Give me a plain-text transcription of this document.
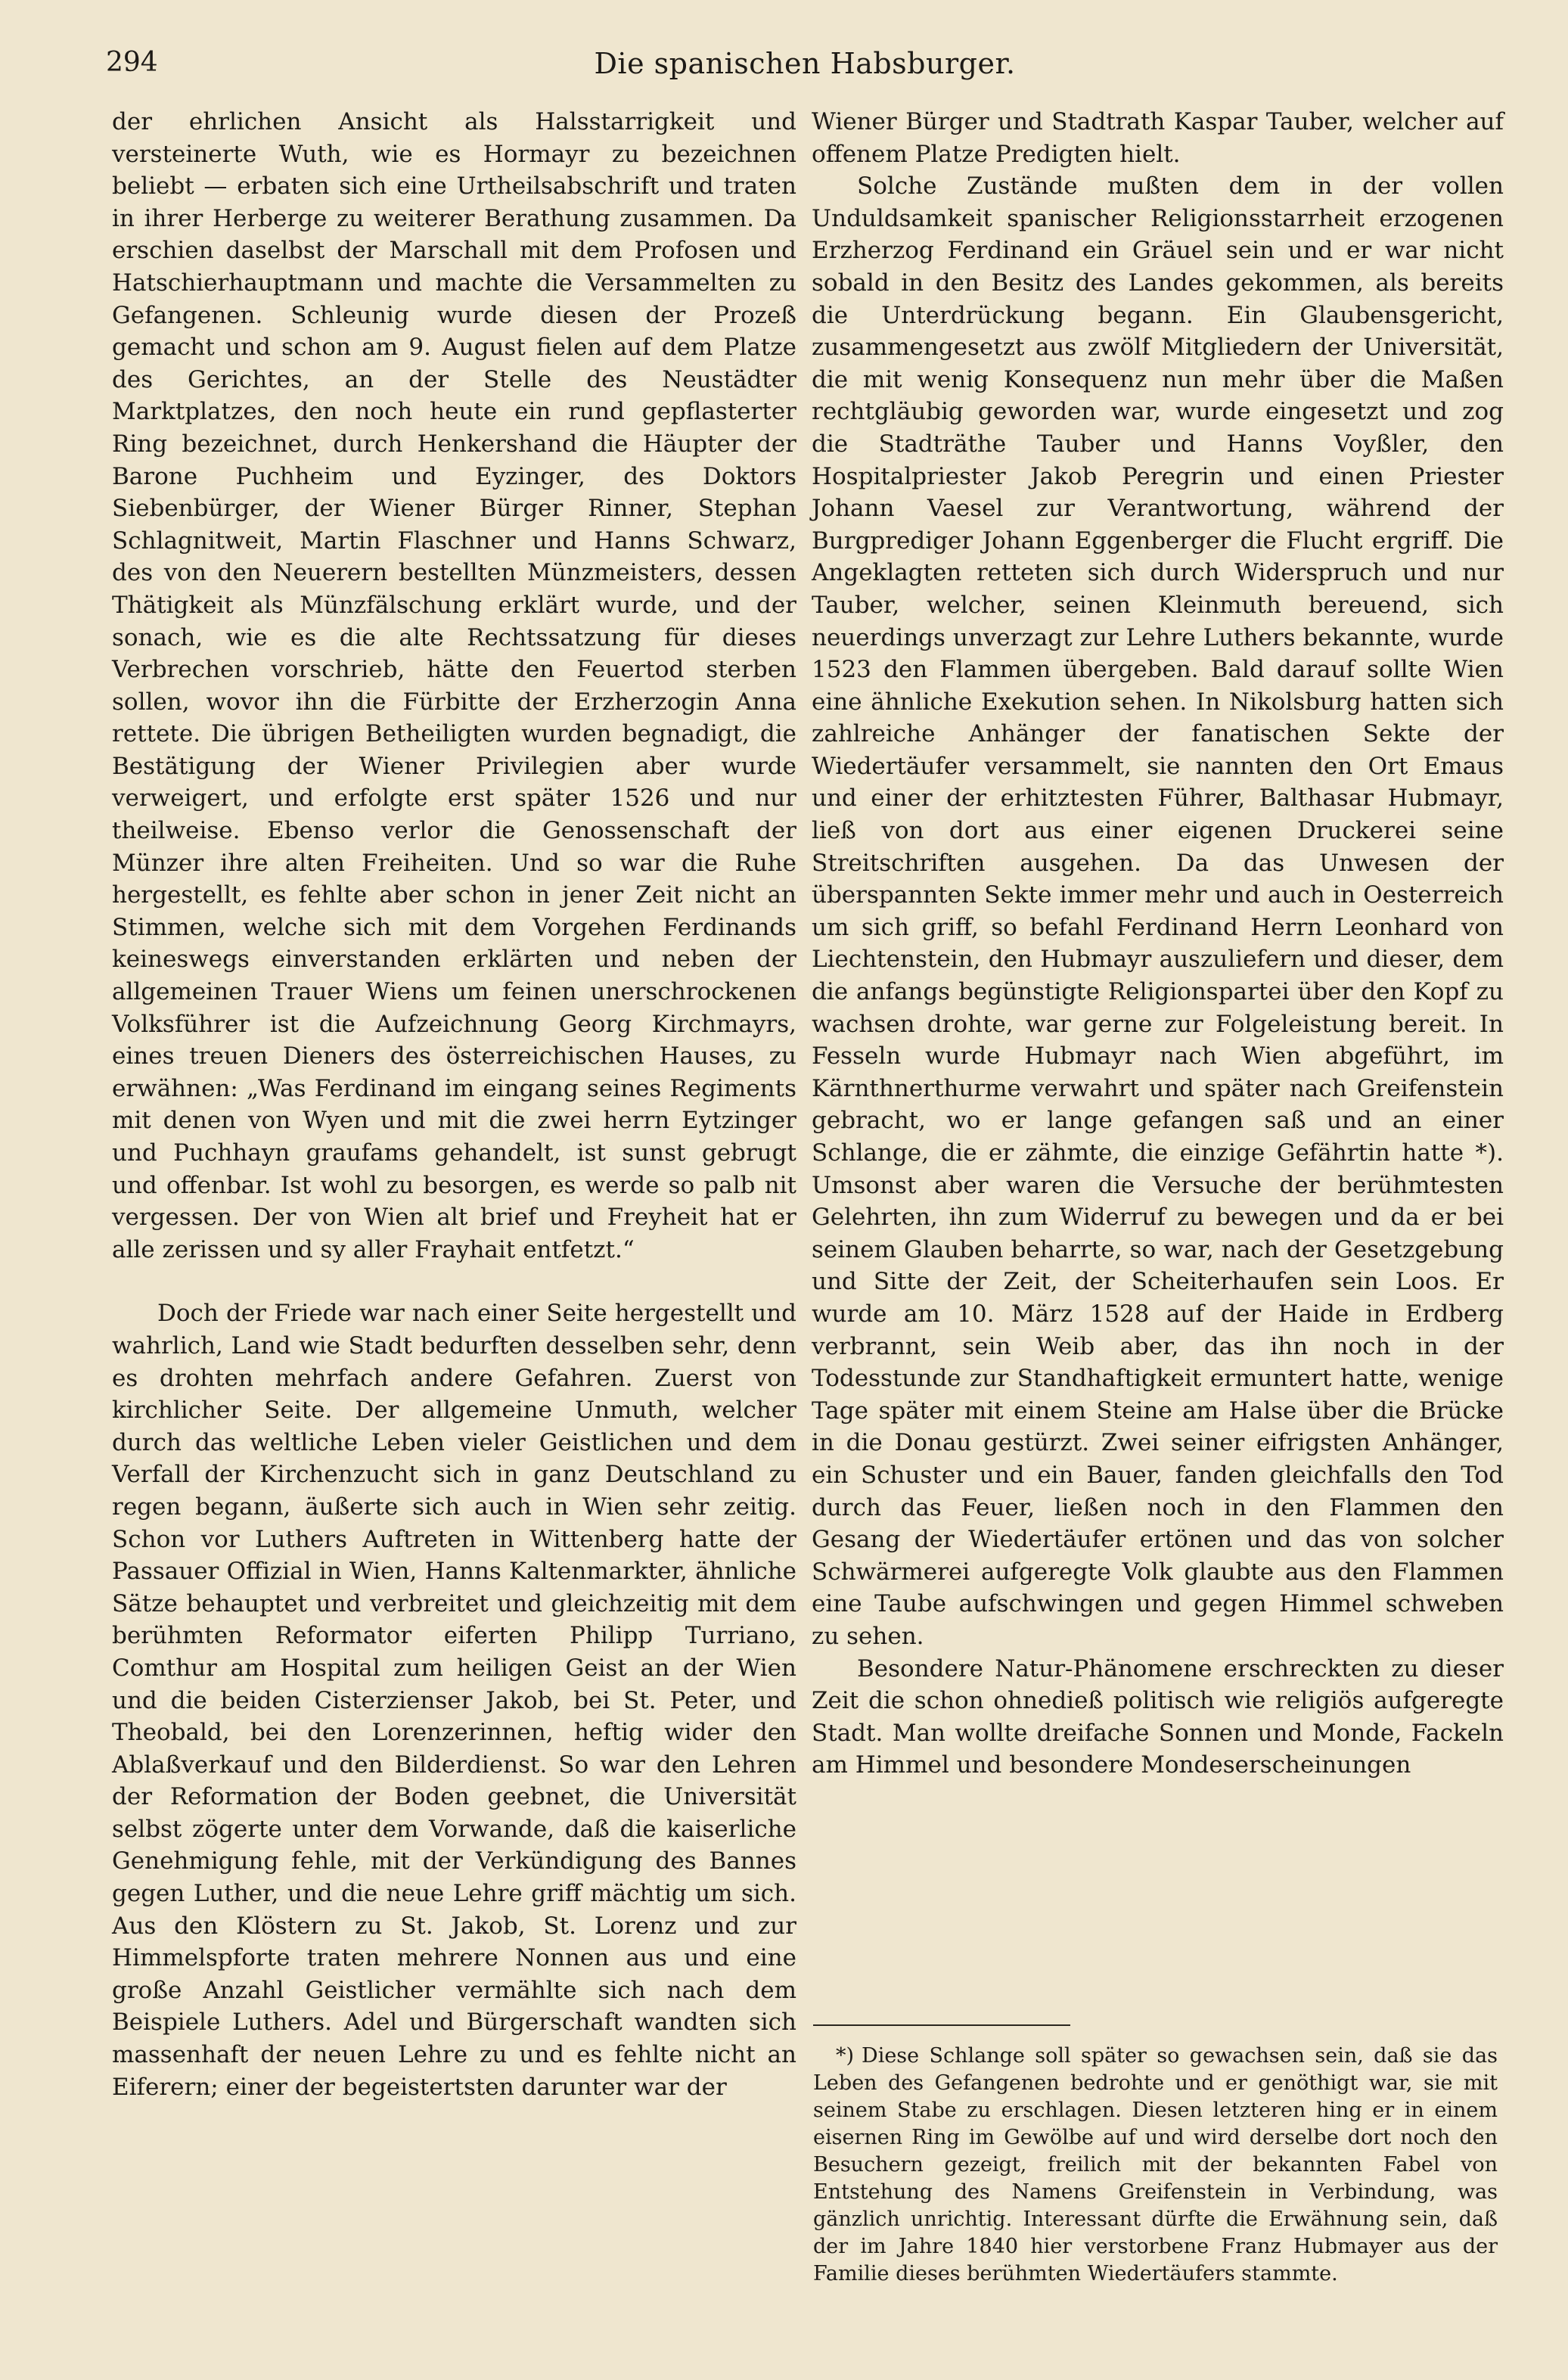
294	Die spanischen Habsburger.

der ehrlichen Ansicht als Halsstarrigkeit und versteinerte Wuth, wie es Hormayr zu bezeichnen beliebt — erbaten sich eine Urtheilsabschrift und traten in ihrer Herberge zu weiterer Berathung zusammen. Da erschien daselbst der Marschall mit dem Profosen und Hatschierhauptmann und machte die Versammelten zu Gefangenen. Schleunig wurde diesen der Prozeß gemacht und schon am 9. August fielen auf dem Platze des Gerichtes, an der Stelle des Neustädter Marktplatzes, den noch heute ein rund gepflasterter Ring bezeichnet, durch Henkershand die Häupter der Barone Puchheim und Eyzinger, des Doktors Siebenbürger, der Wiener Bürger Rinner, Stephan Schlagnitweit, Martin Flaschner und Hanns Schwarz, des von den Neuerern bestellten Münzmeisters, dessen Thätigkeit als Münzfälschung erklärt wurde, und der sonach, wie es die alte Rechtssatzung für dieses Verbrechen vorschrieb, hätte den Feuertod sterben sollen, wovor ihn die Fürbitte der Erzherzogin Anna rettete. Die übrigen Betheiligten wurden begnadigt, die Bestätigung der Wiener Privilegien aber wurde verweigert, und erfolgte erst später 1526 und nur theilweise. Ebenso verlor die Genossenschaft der Münzer ihre alten Freiheiten. Und so war die Ruhe hergestellt, es fehlte aber schon in jener Zeit nicht an Stimmen, welche sich mit dem Vorgehen Ferdinands keineswegs einverstanden erklärten und neben der allgemeinen Trauer Wiens um feinen unerschrockenen Volksführer ist die Aufzeichnung Georg Kirchmayrs, eines treuen Dieners des österreichischen Hauses, zu erwähnen: „Was Ferdinand im eingang seines Regiments mit denen von Wyen und mit die zwei herrn Eytzinger und Puchhayn graufams gehandelt, ist sunst gebrugt und offenbar. Ist wohl zu besorgen, es werde so palb nit vergessen. Der von Wien alt brief und Freyheit hat er alle zerissen und sy aller Frayhait entfetzt.“

Doch der Friede war nach einer Seite hergestellt und wahrlich, Land wie Stadt bedurften desselben sehr, denn es drohten mehrfach andere Gefahren. Zuerst von kirchlicher Seite. Der allgemeine Unmuth, welcher durch das weltliche Leben vieler Geistlichen und dem Verfall der Kirchenzucht sich in ganz Deutschland zu regen begann, äußerte sich auch in Wien sehr zeitig. Schon vor Luthers Auftreten in Wittenberg hatte der Passauer Offizial in Wien, Hanns Kaltenmarkter, ähnliche Sätze behauptet und verbreitet und gleichzeitig mit dem berühmten Reformator eiferten Philipp Turriano, Comthur am Hospital zum heiligen Geist an der Wien und die beiden Cisterzienser Jakob, bei St. Peter, und Theobald, bei den Lorenzerinnen, heftig wider den Ablaßverkauf und den Bilderdienst. So war den Lehren der Reformation der Boden geebnet, die Universität selbst zögerte unter dem Vorwande, daß die kaiserliche Genehmigung fehle, mit der Verkündigung des Bannes gegen Luther, und die neue Lehre griff mächtig um sich. Aus den Klöstern zu St. Jakob, St. Lorenz und zur Himmelspforte traten mehrere Nonnen aus und eine große Anzahl Geistlicher vermählte sich nach dem Beispiele Luthers. Adel und Bürgerschaft wandten sich massenhaft der neuen Lehre zu und es fehlte nicht an Eiferern; einer der begeistertsten darunter war der

Wiener Bürger und Stadtrath Kaspar Tauber, welcher auf offenem Platze Predigten hielt.

Solche Zustände mußten dem in der vollen Unduldsamkeit spanischer Religionsstarrheit erzogenen Erzherzog Ferdinand ein Gräuel sein und er war nicht sobald in den Besitz des Landes gekommen, als bereits die Unterdrückung begann. Ein Glaubensgericht, zusammengesetzt aus zwölf Mitgliedern der Universität, die mit wenig Konsequenz nun mehr über die Maßen rechtgläubig geworden war, wurde eingesetzt und zog die Stadträthe Tauber und Hanns Voyßler, den Hospitalpriester Jakob Peregrin und einen Priester Johann Vaesel zur Verantwortung, während der Burgprediger Johann Eggenberger die Flucht ergriff. Die Angeklagten retteten sich durch Widerspruch und nur Tauber, welcher, seinen Kleinmuth bereuend, sich neuerdings unverzagt zur Lehre Luthers bekannte, wurde 1523 den Flammen übergeben. Bald darauf sollte Wien eine ähnliche Exekution sehen. In Nikolsburg hatten sich zahlreiche Anhänger der fanatischen Sekte der Wiedertäufer versammelt, sie nannten den Ort Emaus und einer der erhitztesten Führer, Balthasar Hubmayr, ließ von dort aus einer eigenen Druckerei seine Streitschriften ausgehen. Da das Unwesen der überspannten Sekte immer mehr und auch in Oesterreich um sich griff, so befahl Ferdinand Herrn Leonhard von Liechtenstein, den Hubmayr auszuliefern und dieser, dem die anfangs begünstigte Religionspartei über den Kopf zu wachsen drohte, war gerne zur Folgeleistung bereit. In Fesseln wurde Hubmayr nach Wien abgeführt, im Kärnthnerthurme verwahrt und später nach Greifenstein gebracht, wo er lange gefangen saß und an einer Schlange, die er zähmte, die einzige Gefährtin hatte *). Umsonst aber waren die Versuche der berühmtesten Gelehrten, ihn zum Widerruf zu bewegen und da er bei seinem Glauben beharrte, so war, nach der Gesetzgebung und Sitte der Zeit, der Scheiterhaufen sein Loos. Er wurde am 10. März 1528 auf der Haide in Erdberg verbrannt, sein Weib aber, das ihn noch in der Todesstunde zur Standhaftigkeit ermuntert hatte, wenige Tage später mit einem Steine am Halse über die Brücke in die Donau gestürzt. Zwei seiner eifrigsten Anhänger, ein Schuster und ein Bauer, fanden gleichfalls den Tod durch das Feuer, ließen noch in den Flammen den Gesang der Wiedertäufer ertönen und das von solcher Schwärmerei aufgeregte Volk glaubte aus den Flammen eine Taube aufschwingen und gegen Himmel schweben zu sehen.

Besondere Natur-Phänomene erschreckten zu dieser Zeit die schon ohnedieß politisch wie religiös aufgeregte Stadt. Man wollte dreifache Sonnen und Monde, Fackeln am Himmel und besondere Mondeserscheinungen

*) Diese Schlange soll später so gewachsen sein, daß sie das Leben des Gefangenen bedrohte und er genöthigt war, sie mit seinem Stabe zu erschlagen. Diesen letzteren hing er in einem eisernen Ring im Gewölbe auf und wird derselbe dort noch den Besuchern gezeigt, freilich mit der bekannten Fabel von Entstehung des Namens Greifenstein in Verbindung, was gänzlich unrichtig. Interessant dürfte die Erwähnung sein, daß der im Jahre 1840 hier verstorbene Franz Hubmayer aus der Familie dieses berühmten Wiedertäufers stammte.
